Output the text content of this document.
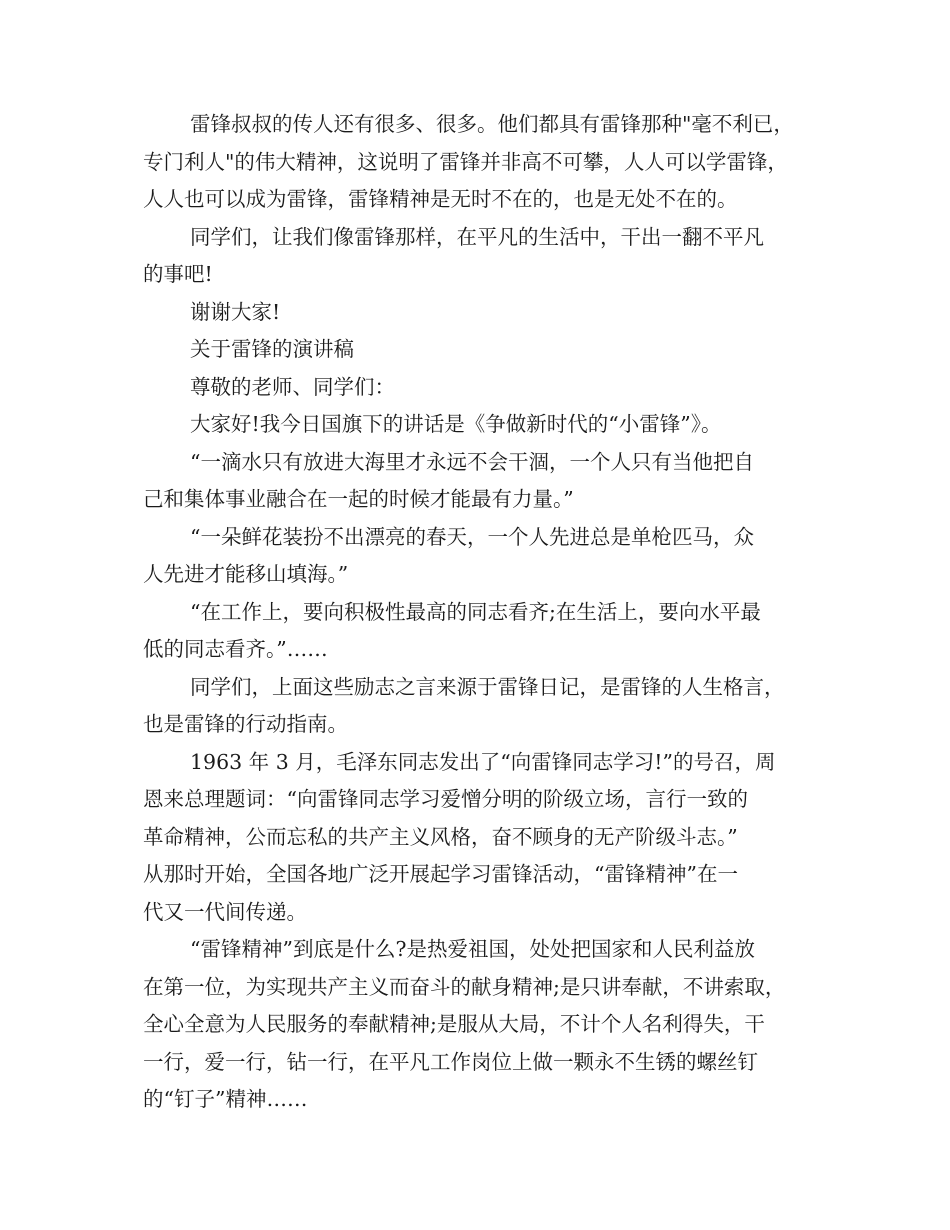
雷锋叔叔的传人还有很多、很多。他们都具有雷锋那种"毫不利已，
专门利人"的伟大精神，这说明了雷锋并非高不可攀，人人可以学雷锋，
人人也可以成为雷锋，雷锋精神是无时不在的，也是无处不在的。
同学们，让我们像雷锋那样，在平凡的生活中，干出一翻不平凡
的事吧!
谢谢大家!
关于雷锋的演讲稿
尊敬的老师、同学们：
大家好!我今日国旗下的讲话是《争做新时代的“小雷锋”》。
“一滴水只有放进大海里才永远不会干涸，一个人只有当他把自
己和集体事业融合在一起的时候才能最有力量。”
“一朵鲜花装扮不出漂亮的春天，一个人先进总是单枪匹马，众
人先进才能移山填海。”
“在工作上，要向积极性最高的同志看齐;在生活上，要向水平最
低的同志看齐。”……
同学们，上面这些励志之言来源于雷锋日记，是雷锋的人生格言，
也是雷锋的行动指南。
1963 年 3 月，毛泽东同志发出了“向雷锋同志学习!”的号召，周
恩来总理题词：“向雷锋同志学习爱憎分明的阶级立场，言行一致的
革命精神，公而忘私的共产主义风格，奋不顾身的无产阶级斗志。”
从那时开始，全国各地广泛开展起学习雷锋活动，“雷锋精神”在一
代又一代间传递。
“雷锋精神”到底是什么?是热爱祖国，处处把国家和人民利益放
在第一位，为实现共产主义而奋斗的献身精神;是只讲奉献，不讲索取，
全心全意为人民服务的奉献精神;是服从大局，不计个人名利得失，干
一行，爱一行，钻一行，在平凡工作岗位上做一颗永不生锈的螺丝钉
的“钉子”精神……
